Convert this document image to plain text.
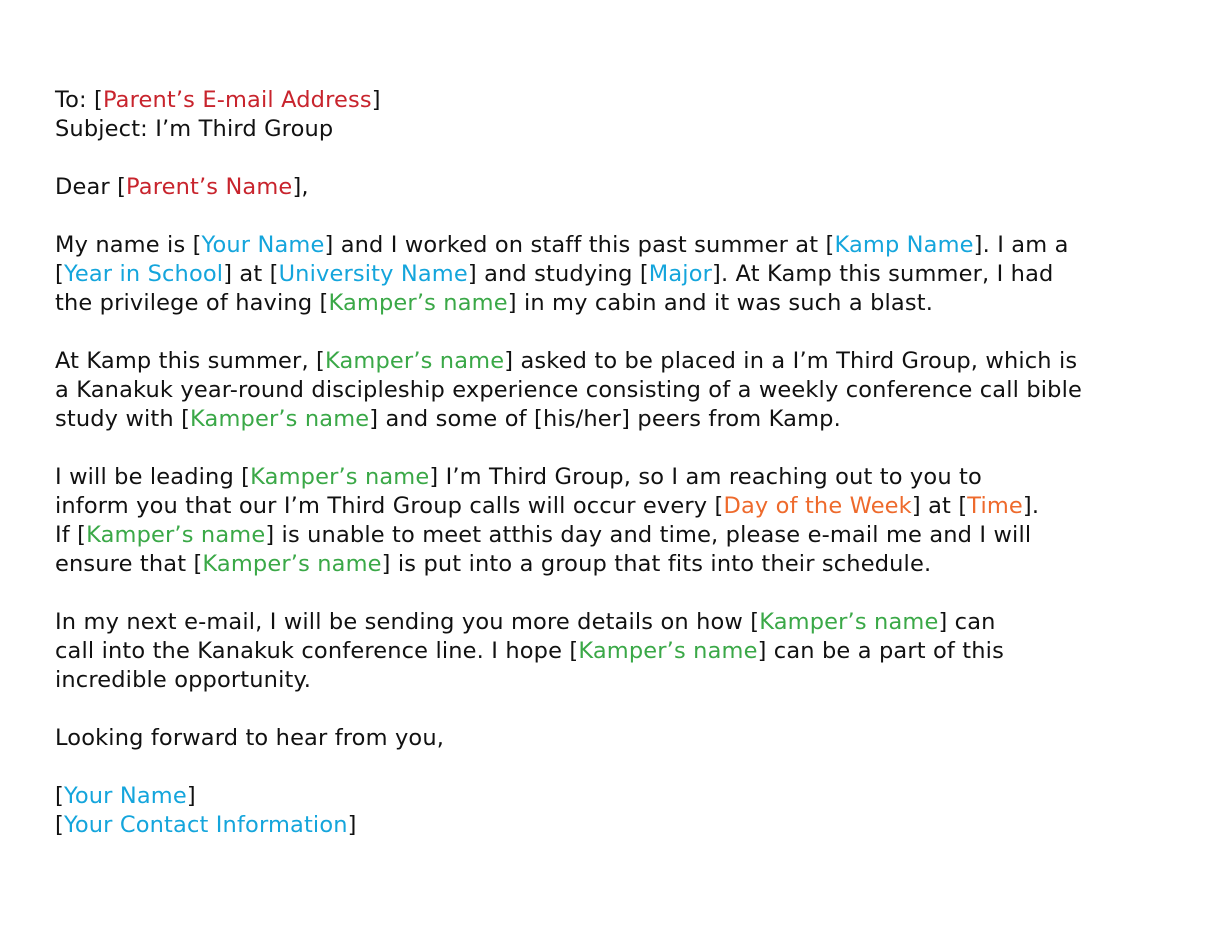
To: [Parent’s E-mail Address]
Subject: I’m Third Group
Dear [Parent’s Name],
My name is [Your Name] and I worked on staff this past summer at [Kamp Name]. I am a
[Year in School] at [University Name] and studying [Major]. At Kamp this summer, I had
the privilege of having [Kamper’s name] in my cabin and it was such a blast.
At Kamp this summer, [Kamper’s name] asked to be placed in a I’m Third Group, which is
a Kanakuk year-round discipleship experience consisting of a weekly conference call bible
study with [Kamper’s name] and some of [his/her] peers from Kamp.
I will be leading [Kamper’s name] I’m Third Group, so I am reaching out to you to
inform you that our I’m Third Group calls will occur every [Day of the Week] at [Time].
If [Kamper’s name] is unable to meet atthis day and time, please e-mail me and I will
ensure that [Kamper’s name] is put into a group that fits into their schedule.
In my next e-mail, I will be sending you more details on how [Kamper’s name] can
call into the Kanakuk conference line. I hope [Kamper’s name] can be a part of this
incredible opportunity.
Looking forward to hear from you,
[Your Name]
[Your Contact Information]
